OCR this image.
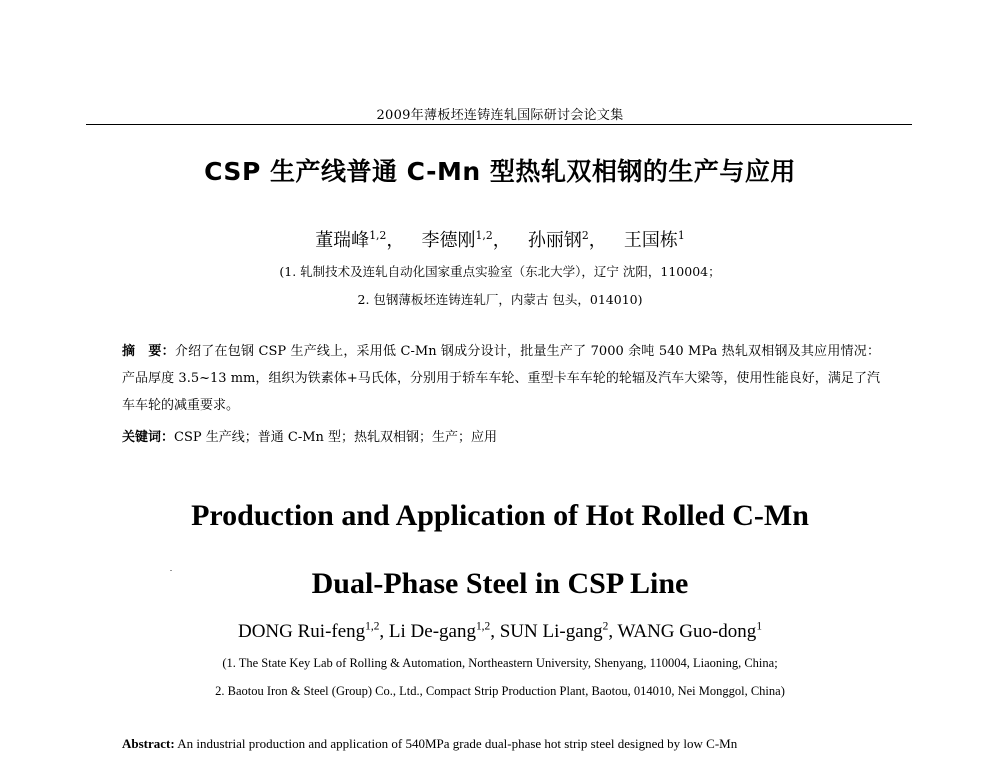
2009年薄板坯连铸连轧国际研讨会论文集
CSP 生产线普通 C-Mn 型热轧双相钢的生产与应用
董瑞峰$^{1,2}$， 李德刚$^{1,2}$， 孙丽钢$^2$， 王国栋$^1$
(1. 轧制技术及连轧自动化国家重点实验室（东北大学），辽宁 沈阳，110004；
2. 包钢薄板坯连铸连轧厂，内蒙古 包头，014010)
摘　要：介绍了在包钢 CSP 生产线上，采用低 C-Mn 钢成分设计，批量生产了 7000 余吨 540 MPa 热轧双相钢及其应用情况：产品厚度 3.5~13 mm，组织为铁素体+马氏体，分别用于轿车车轮、重型卡车车轮的轮辐及汽车大梁等，使用性能良好，满足了汽车车轮的减重要求。
关键词：CSP 生产线；普通 C-Mn 型；热轧双相钢；生产；应用
Production and Application of Hot Rolled C-Mn
Dual-Phase Steel in CSP Line
DONG Rui-feng$^{1,2}$, Li De-gang$^{1,2}$, SUN Li-gang$^2$, WANG Guo-dong$^1$
(1. The State Key Lab of Rolling & Automation, Northeastern University, Shenyang, 110004, Liaoning, China;
2. Baotou Iron & Steel (Group) Co., Ltd., Compact Strip Production Plant, Baotou, 014010, Nei Monggol, China)
Abstract: An industrial production and application of 540MPa grade dual-phase hot strip steel designed by low C-Mn
